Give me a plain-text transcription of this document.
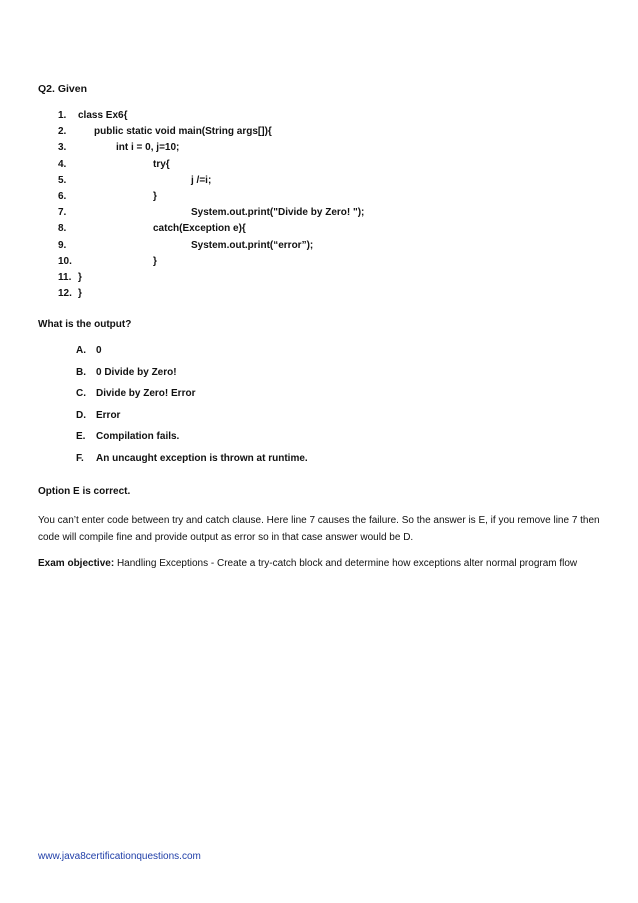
Q2. Given
1.	class Ex6{
2.	public static void main(String args[]){
3.	int i = 0, j=10;
4.	try{
5.	j /=i;
6.	}
7.	System.out.print("Divide by Zero! ");
8.	catch(Exception e){
9.	System.out.print(“error”);
10.	}
11. }
12. }
What is the output?
A. 0
B. 0 Divide by Zero!
C. Divide by Zero! Error
D. Error
E. Compilation fails.
F. An uncaught exception is thrown at runtime.
Option E is correct.
You can’t enter code between try and catch clause. Here line 7 causes the failure. So the answer is E, if you remove line 7 then code will compile fine and provide output as error so in that case answer would be D.
Exam objective: Handling Exceptions - Create a try-catch block and determine how exceptions alter normal program flow
www.java8certificationquestions.com
